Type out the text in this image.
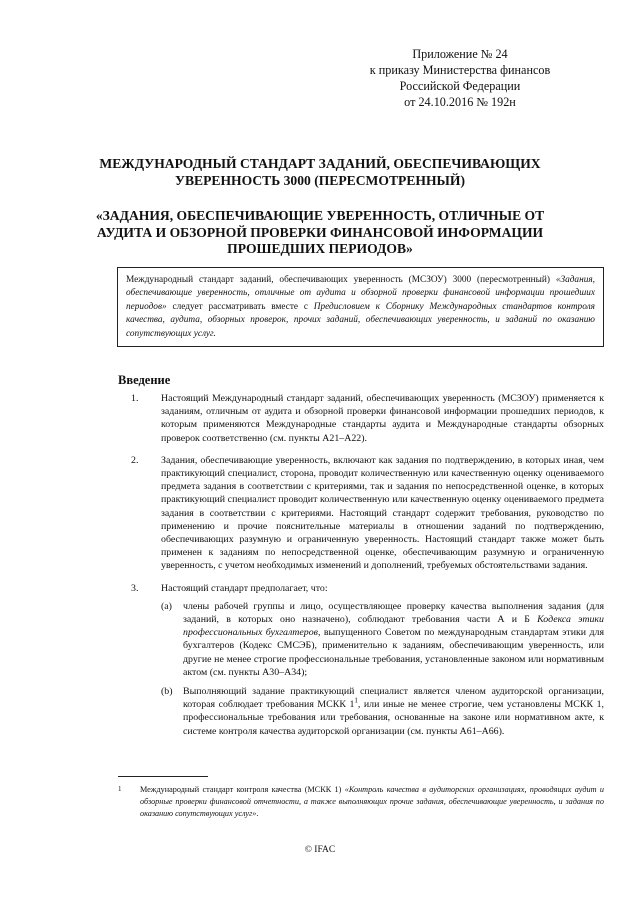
Приложение № 24
к приказу Министерства финансов
Российской Федерации
от 24.10.2016 № 192н
МЕЖДУНАРОДНЫЙ СТАНДАРТ ЗАДАНИЙ, ОБЕСПЕЧИВАЮЩИХ УВЕРЕННОСТЬ 3000 (ПЕРЕСМОТРЕННЫЙ)
«ЗАДАНИЯ, ОБЕСПЕЧИВАЮЩИЕ УВЕРЕННОСТЬ, ОТЛИЧНЫЕ ОТ АУДИТА И ОБЗОРНОЙ ПРОВЕРКИ ФИНАНСОВОЙ ИНФОРМАЦИИ ПРОШЕДШИХ ПЕРИОДОВ»
Международный стандарт заданий, обеспечивающих уверенность (МСЗОУ) 3000 (пересмотренный) «Задания, обеспечивающие уверенность, отличные от аудита и обзорной проверки финансовой информации прошедших периодов» следует рассматривать вместе с Предисловием к Сборнику Международных стандартов контроля качества, аудита, обзорных проверок, прочих заданий, обеспечивающих уверенность, и заданий по оказанию сопутствующих услуг.
Введение
1. Настоящий Международный стандарт заданий, обеспечивающих уверенность (МСЗОУ) применяется к заданиям, отличным от аудита и обзорной проверки финансовой информации прошедших периодов, к которым применяются Международные стандарты аудита и Международные стандарты обзорных проверок соответственно (см. пункты А21–А22).
2. Задания, обеспечивающие уверенность, включают как задания по подтверждению, в которых иная, чем практикующий специалист, сторона, проводит количественную или качественную оценку оцениваемого предмета задания в соответствии с критериями, так и задания по непосредственной оценке, в которых практикующий специалист проводит количественную или качественную оценку оцениваемого предмета задания в соответствии с критериями. Настоящий стандарт содержит требования, руководство по применению и прочие пояснительные материалы в отношении заданий по подтверждению, обеспечивающих разумную и ограниченную уверенность. Настоящий стандарт также может быть применен к заданиям по непосредственной оценке, обеспечивающим разумную и ограниченную уверенность, с учетом необходимых изменений и дополнений, требуемых обстоятельствами задания.
3. Настоящий стандарт предполагает, что:
(a) члены рабочей группы и лицо, осуществляющее проверку качества выполнения задания (для заданий, в которых оно назначено), соблюдают требования части А и Б Кодекса этики профессиональных бухгалтеров, выпущенного Советом по международным стандартам этики для бухгалтеров (Кодекс СМСЭБ), применительно к заданиям, обеспечивающим уверенность, или другие не менее строгие профессиональные требования, установленные законом или нормативным актом (см. пункты А30–А34);
(b) Выполняющий задание практикующий специалист является членом аудиторской организации, которая соблюдает требования МСКК $1^1$, или иные не менее строгие, чем установлены МСКК 1, профессиональные требования или требования, основанные на законе или нормативном акте, к системе контроля качества аудиторской организации (см. пункты А61–А66).
1 Международный стандарт контроля качества (МСКК 1) «Контроль качества в аудиторских организациях, проводящих аудит и обзорные проверки финансовой отчетности, а также выполняющих прочие задания, обеспечивающие уверенность, и задания по оказанию сопутствующих услуг».
© IFAC
